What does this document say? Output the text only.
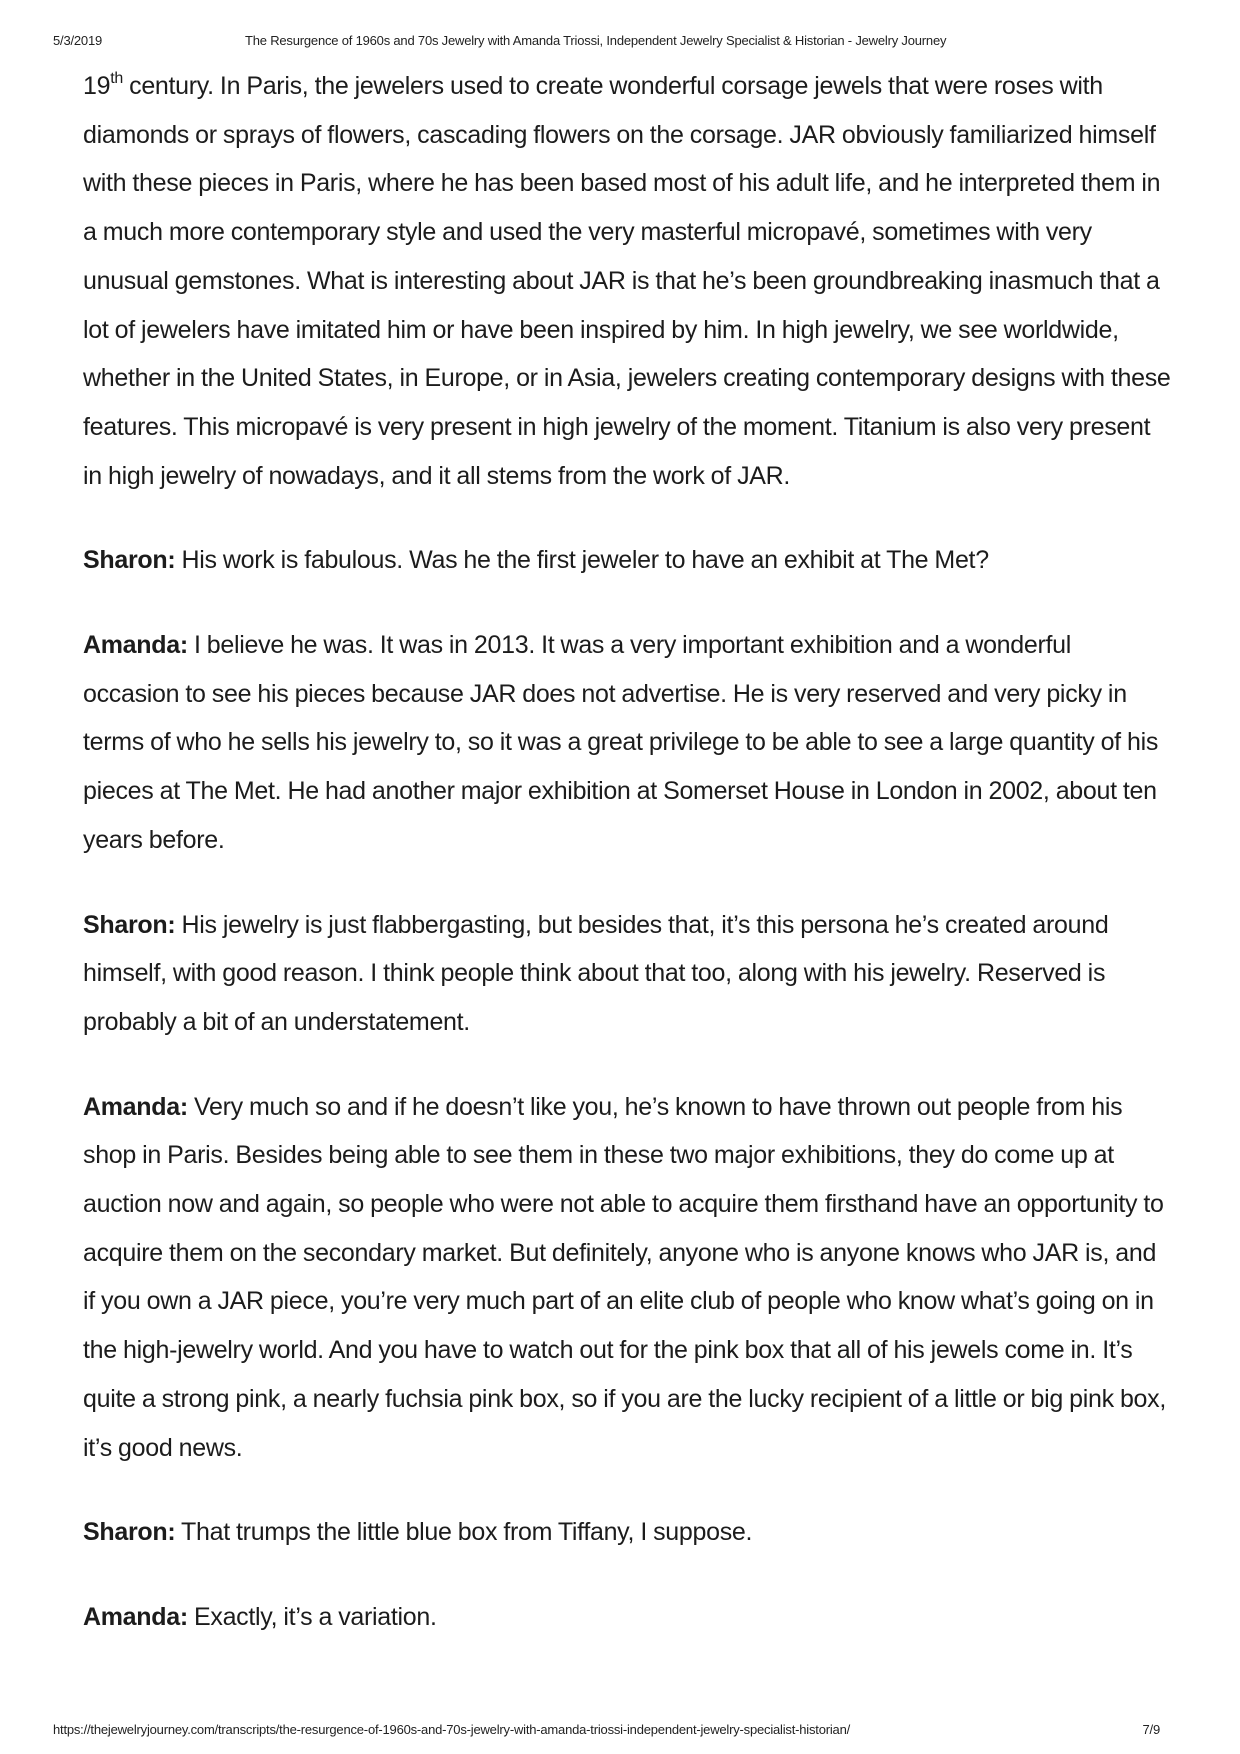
5/3/2019	The Resurgence of 1960s and 70s Jewelry with Amanda Triossi, Independent Jewelry Specialist & Historian - Jewelry Journey

19th century. In Paris, the jewelers used to create wonderful corsage jewels that were roses with diamonds or sprays of flowers, cascading flowers on the corsage. JAR obviously familiarized himself with these pieces in Paris, where he has been based most of his adult life, and he interpreted them in a much more contemporary style and used the very masterful micropavé, sometimes with very unusual gemstones. What is interesting about JAR is that he’s been groundbreaking inasmuch that a lot of jewelers have imitated him or have been inspired by him. In high jewelry, we see worldwide, whether in the United States, in Europe, or in Asia, jewelers creating contemporary designs with these features. This micropavé is very present in high jewelry of the moment. Titanium is also very present in high jewelry of nowadays, and it all stems from the work of JAR.

Sharon: His work is fabulous. Was he the first jeweler to have an exhibit at The Met?

Amanda: I believe he was. It was in 2013. It was a very important exhibition and a wonderful occasion to see his pieces because JAR does not advertise. He is very reserved and very picky in terms of who he sells his jewelry to, so it was a great privilege to be able to see a large quantity of his pieces at The Met. He had another major exhibition at Somerset House in London in 2002, about ten years before.

Sharon: His jewelry is just flabbergasting, but besides that, it’s this persona he’s created around himself, with good reason. I think people think about that too, along with his jewelry. Reserved is probably a bit of an understatement.

Amanda: Very much so and if he doesn’t like you, he’s known to have thrown out people from his shop in Paris. Besides being able to see them in these two major exhibitions, they do come up at auction now and again, so people who were not able to acquire them firsthand have an opportunity to acquire them on the secondary market. But definitely, anyone who is anyone knows who JAR is, and if you own a JAR piece, you’re very much part of an elite club of people who know what’s going on in the high-jewelry world. And you have to watch out for the pink box that all of his jewels come in. It’s quite a strong pink, a nearly fuchsia pink box, so if you are the lucky recipient of a little or big pink box, it’s good news.

Sharon: That trumps the little blue box from Tiffany, I suppose.

Amanda: Exactly, it’s a variation.

https://thejewelryjourney.com/transcripts/the-resurgence-of-1960s-and-70s-jewelry-with-amanda-triossi-independent-jewelry-specialist-historian/	7/9
